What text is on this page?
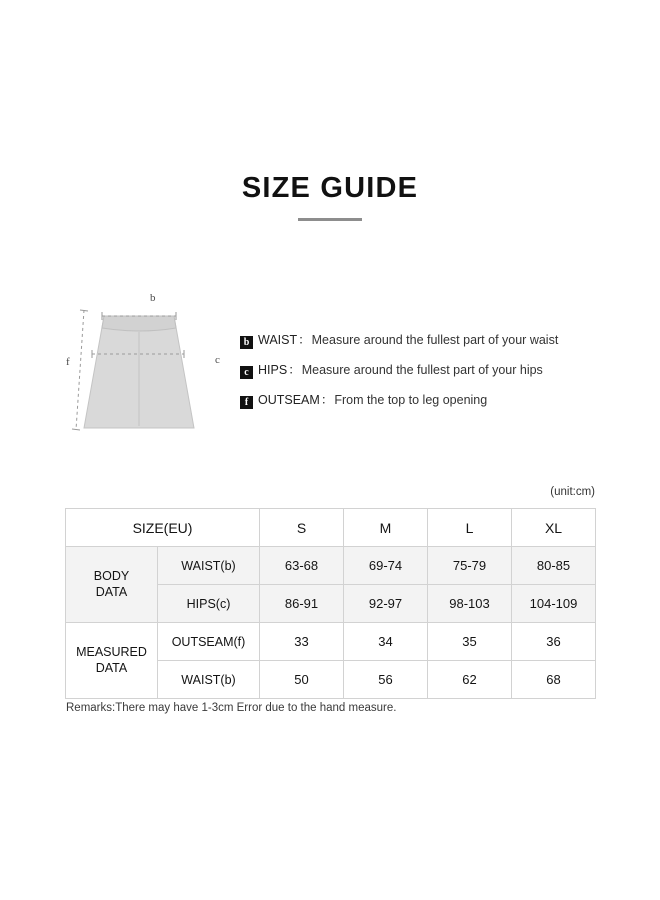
SIZE GUIDE
b
c
f
b WAIST ： Measure around the fullest part of your waist
c HIPS ： Measure around the fullest part of your hips
f OUTSEAM ： From the top to leg opening
(unit:cm)
SIZE(EU)		S	M	L	XL

BODY
DATA	WAIST(b)	63-68	69-74	75-79	80-85
	HIPS(c)	86-91	92-97	98-103	104-109

MEASURED
DATA	OUTSEAM(f)	33	34	35	36
	WAIST(b)	50	56	62	68
Remarks:There may have 1-3cm Error due to the hand measure.
